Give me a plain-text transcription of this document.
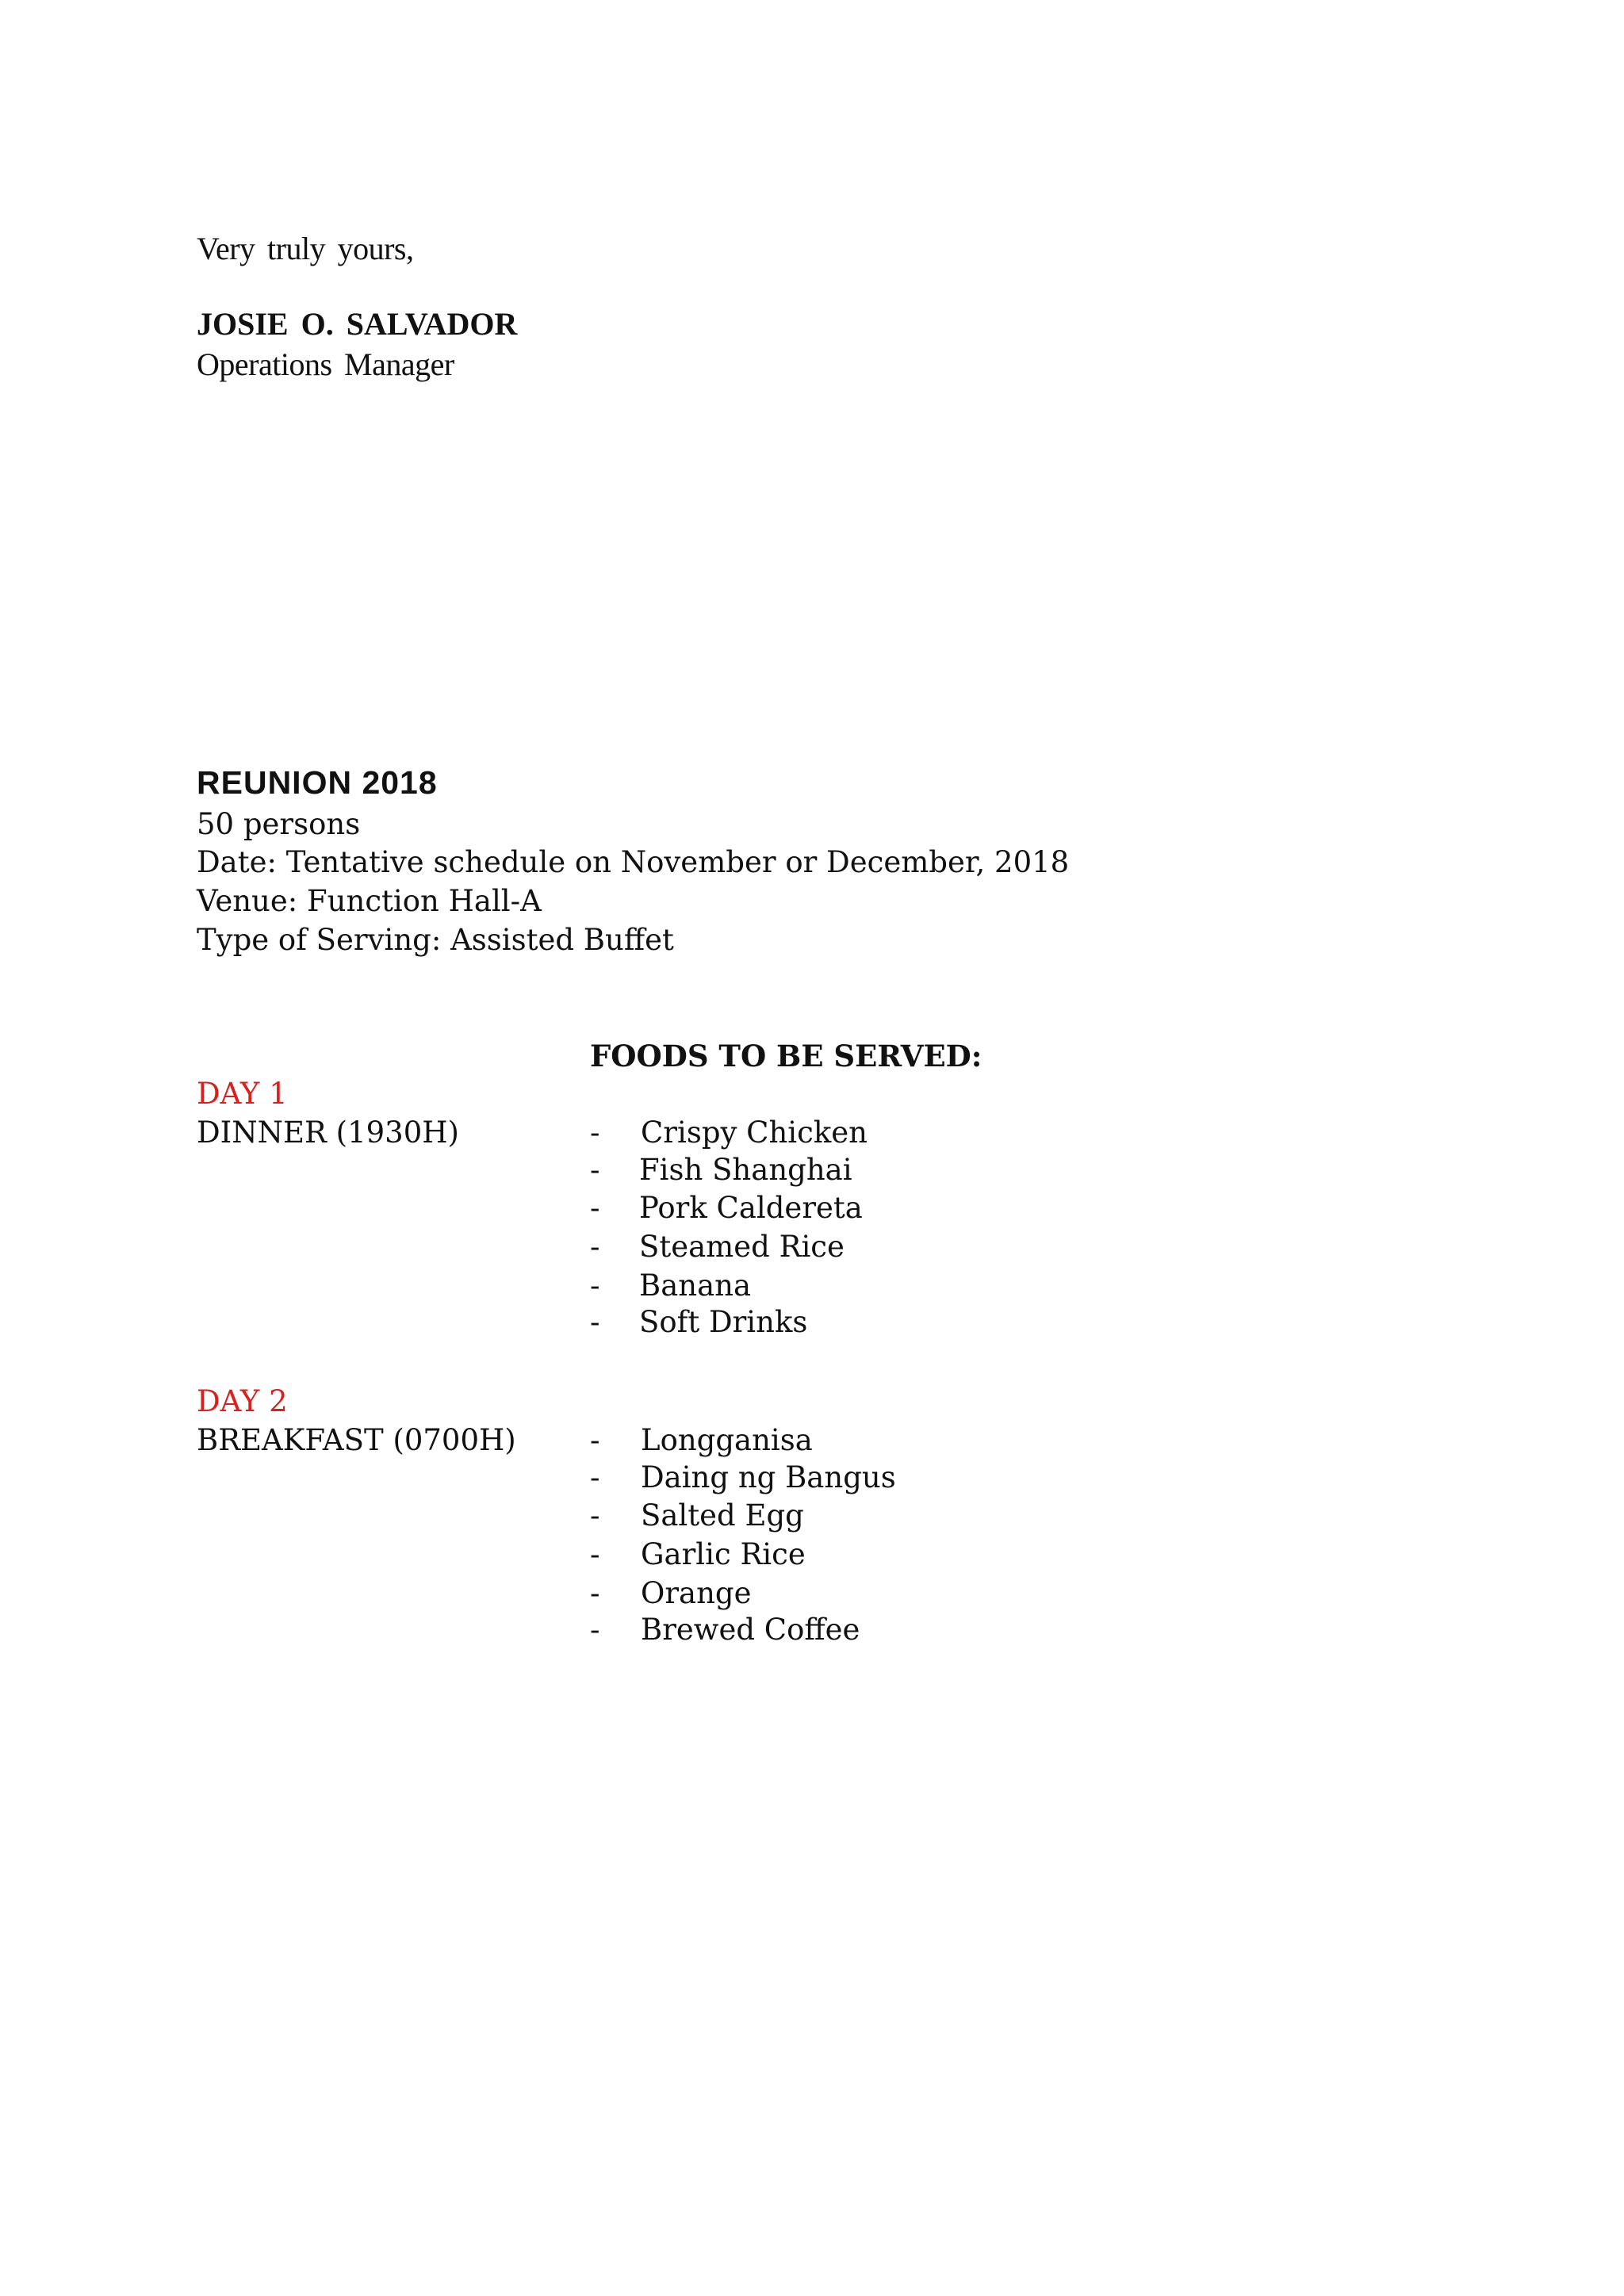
Very truly yours,
JOSIE O. SALVADOR
Operations Manager
REUNION 2018
50 persons
Date: Tentative schedule on November or December, 2018
Venue: Function Hall-A
Type of Serving: Assisted Buffet
FOODS TO BE SERVED:
DAY 1
DINNER (1930H)	- Crispy Chicken
- Fish Shanghai
- Pork Caldereta
- Steamed Rice
- Banana
- Soft Drinks
DAY 2
BREAKFAST (0700H)	- Longganisa
- Daing ng Bangus
- Salted Egg
- Garlic Rice
- Orange
- Brewed Coffee
